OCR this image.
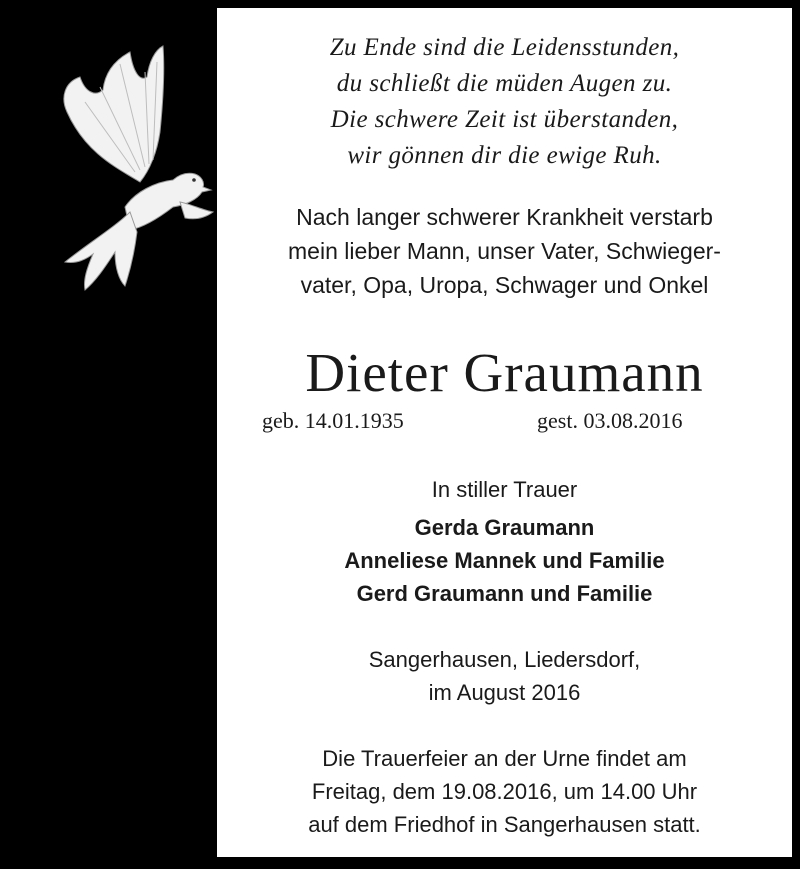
Zu Ende sind die Leidensstunden,
du schließt die müden Augen zu.
Die schwere Zeit ist überstanden,
wir gönnen dir die ewige Ruh.
Nach langer schwerer Krankheit verstarb
mein lieber Mann, unser Vater, Schwieger-
vater, Opa, Uropa, Schwager und Onkel
Dieter Graumann
geb. 14.01.1935	gest. 03.08.2016
In stiller Trauer
Gerda Graumann
Anneliese Mannek und Familie
Gerd Graumann und Familie
Sangerhausen, Liedersdorf,
im August 2016
Die Trauerfeier an der Urne findet am
Freitag, dem 19.08.2016, um 14.00 Uhr
auf dem Friedhof in Sangerhausen statt.
